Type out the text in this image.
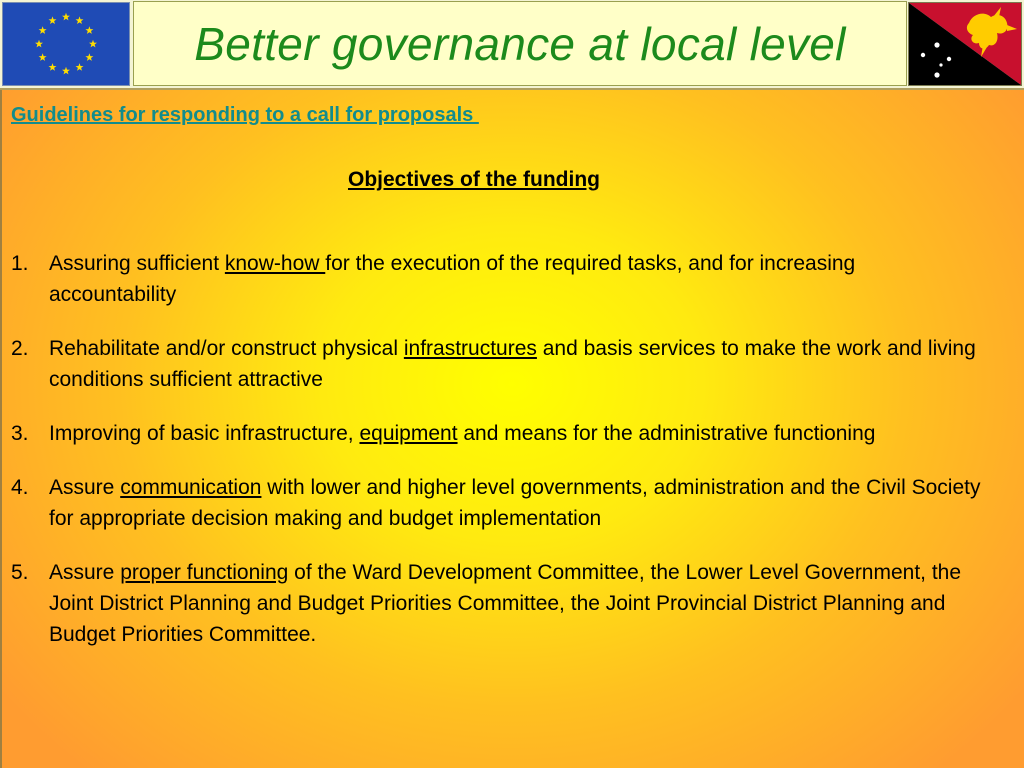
Better governance at local level
Guidelines for responding to a call for proposals
Objectives of the funding
1. Assuring sufficient know-how for the execution of the required tasks, and for increasing accountability
2. Rehabilitate and/or construct physical infrastructures and basis services to make the work and living conditions sufficient attractive
3. Improving of basic infrastructure, equipment and means for the administrative functioning
4. Assure communication with lower and higher level governments, administration and the Civil Society for appropriate decision making and budget implementation
5. Assure proper functioning of the Ward Development Committee, the Lower Level Government, the Joint District Planning and Budget Priorities Committee, the Joint Provincial District Planning and Budget Priorities Committee.
